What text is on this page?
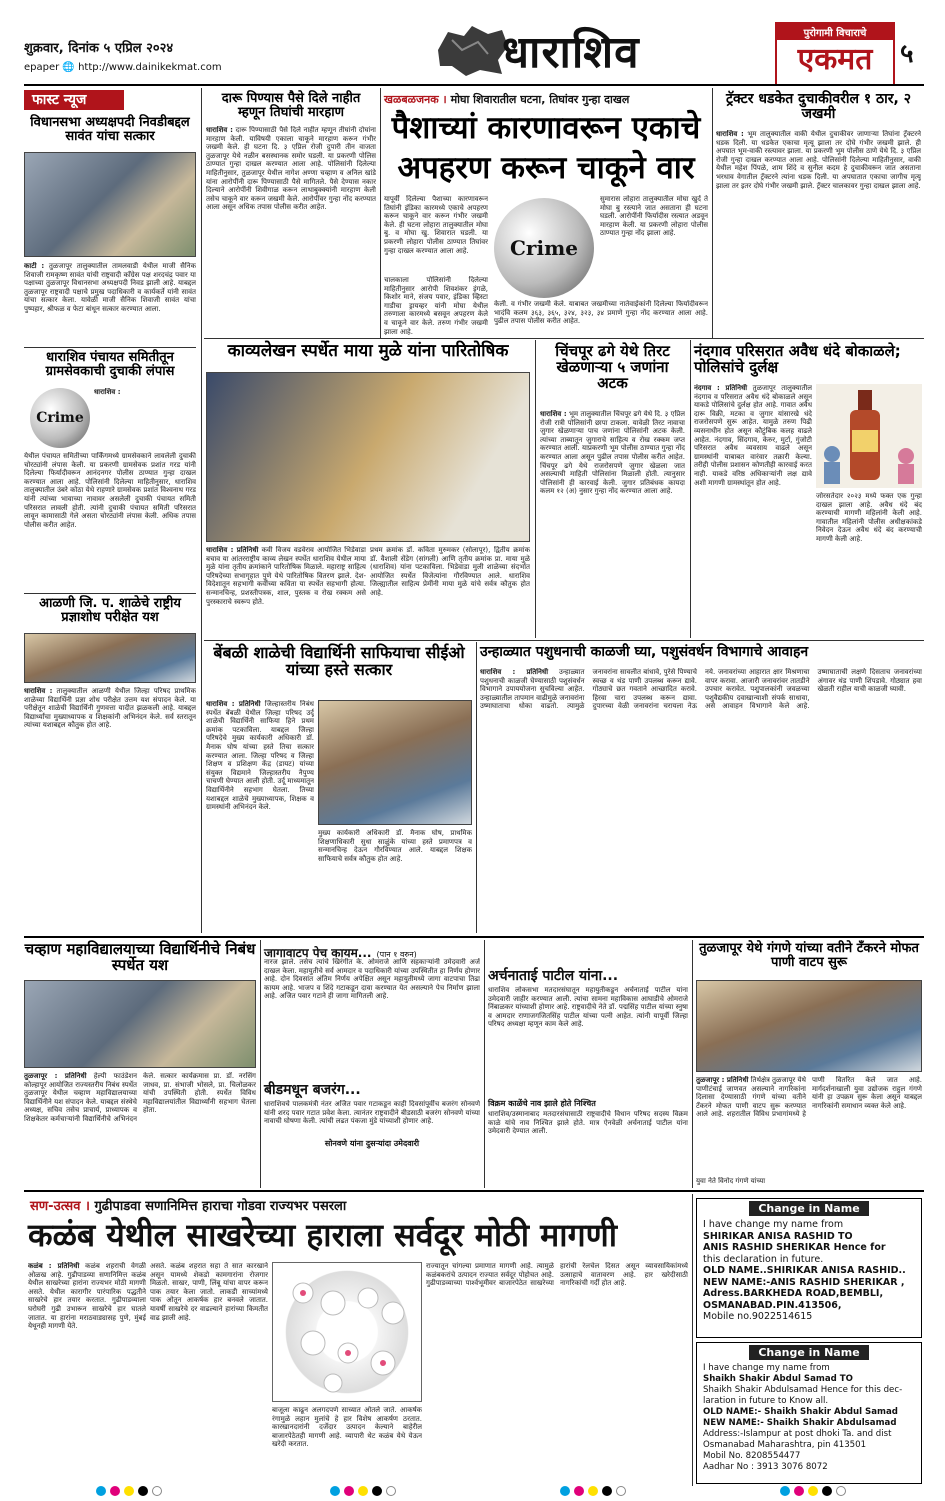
शुक्रवार, दिनांक ५ एप्रिल २०२४
epaper 🌐 http://www.dainikekmat.com	धाराशिव	पुरोगामी विचाराचे
एकमत	५
फास्ट न्यूज
विधानसभा अध्यक्षपदी निवडीबद्दल सावंत यांचा सत्कार
काटी : तुळजापूर तालुक्यातील तामलवाडी येथील माजी सैनिक शिवाजी रामकृष्ण सावंत यांची राष्ट्रवादी काँग्रेस पक्ष शरदचंद्र पवार या पक्षाच्या तुळजापूर विधानसभा अध्यक्षपदी निवड झाली आहे. याबद्दल तुळजापूर राष्ट्रवादी पक्षाचे प्रमुख पदाधिकारी व कार्यकर्ते यांनी सावंत यांचा सत्कार केला. यावेळी माजी सैनिक शिवाजी सावंत यांचा पुष्पहार, श्रीफळ व फेटा बांधून सत्कार करण्यात आला.
धाराशिव पंचायत समितीतून ग्रामसेवकाची दुचाकी लंपास
Crime
धाराशिव :
येथील पंचायत समितीच्या पार्किंगमध्ये ग्रामसेवकाने लावलेली दुचाकी चोरट्यांनी लंपास केली. या प्रकरणी ग्रामसेवक प्रशांत गरड यांनी दिलेल्या फिर्यादीवरून आनंदनगर पोलीस ठाण्यात गुन्हा दाखल करण्यात आला आहे. पोलिसांनी दिलेल्या माहितीनुसार, धाराशिव तालुक्यातील उंबरे कोठा येथे राहणारे ग्रामसेवक प्रशांत विश्वनाथ गरड यांनी त्यांच्या भावाच्या नावावर असलेली दुचाकी पंचायत समिती परिसरात लावली होती. त्यांनी दुचाकी पंचायत समिती परिसरात लावून कामासाठी गेले असता चोरट्यांनी लंपास केली. अधिक तपास पोलीस करीत आहेत.
आळणी जि. प. शाळेचे राष्ट्रीय प्रज्ञाशोध परीक्षेत यश
धाराशिव : तालुक्यातील आळणी येथील जिल्हा परिषद प्राथमिक शाळेच्या विद्यार्थिनी प्रज्ञा शोध परीक्षेत उत्तम यश संपादन केले. या परीक्षेतून शाळेची विद्यार्थिनी गुणवत्ता यादीत झळकली आहे. याबद्दल विद्यार्थ्यांचा मुख्याध्यापक व शिक्षकांनी अभिनंदन केले. सर्व स्तरातून त्यांच्या यशाबद्दल कौतुक होत आहे.
दारू पिण्यास पैसे दिले नाहीत म्हणून तिघांची मारहाण
धाराशिव : दारू पिण्यासाठी पैसे दिले नाहीत म्हणून तीघांनी दोघांना मारहाण केली. याविषयी एकाला चाकूने मारहाण करून गंभीर जखमी केले. ही घटना दि. ३ एप्रिल रोजी दुपारी तीन वाजता तुळजापूर येथे नळीन बसस्थानक समोर घडली. या प्रकरणी पोलिस ठाण्यात गुन्हा दाखल करण्यात आला आहे. पोलिसांनी दिलेल्या माहितीनुसार, तुळजापूर येथील नागेश अण्णा चव्हाण व अनिल खांडे यांना आरोपींनी दारू पिण्यासाठी पैसे मागितले. पैसे देण्यास नकार दिल्याने आरोपींनी शिवीगाळ करून लाथाबुक्क्यांनी मारहाण केली तसेच चाकूने वार करून जखमी केले. आरोपींवर गुन्हा नोंद करण्यात आला असून अधिक तपास पोलीस करीत आहेत.
खळबळजनक । मोघा शिवारातील घटना, तिघांवर गुन्हा दाखल
पैशाच्यां कारणावरून एकाचे अपहरण करून चाकूने वार
यापूर्वी दिलेल्या पैशाच्या कारणावरून तिघांनी इंडिका कारमध्ये एकाचे अपहरण करून चाकूने वार करून गंभीर जखमी केले. ही घटना लोहारा तालुक्यातील मोघा बु. व मोघा खु. शिवारात घडली. या प्रकरणी लोहारा पोलीस ठाण्यात तिघांवर गुन्हा दाखल करण्यात आला आहे.
चालकाला पोलिसांनी दिलेल्या माहितीनुसार आरोपी शिवशंकर इंगळे, किशोर माने, संजय पवार, इंडिका व्हिस्टा गाडीचा ड्रायव्हर यांनी मोघा येथील तरुणाला कारमध्ये बसवून अपहरण केले व चाकूने वार केले. तरुण गंभीर जखमी झाला आहे.
Crime
सुमारास लोहारा तालुक्यातील मोघा खुर्द ते मोघा बु रस्त्याने जात असताना ही घटना घडली. आरोपींनी फिर्यादीस रस्त्यात अडवून मारहाण केली. या प्रकरणी लोहारा पोलीस ठाण्यात गुन्हा नोंद झाला आहे.
केली. व गंभीर जखमी केले. याबाबत जखमीच्या नातेवाईकांनी दिलेल्या फिर्यादीवरून भादंवि कलम ३६३, ३६५, ३२४, ३२३, ३४ प्रमाणे गुन्हा नोंद करण्यात आला आहे. पुढील तपास पोलीस करीत आहेत.
ट्रॅक्टर धडकेत दुचाकीवरील १ ठार, २ जखमी
धाराशिव : भूम तालुक्यातील वाकी येथील दुचाकीवर जाणाऱ्या तिघांना ट्रॅक्टरने धडक दिली. या धडकेत एकाचा मृत्यू झाला तर दोघे गंभीर जखमी झाले. ही अपघात भूम-वाकी रस्त्यावर झाला. या प्रकरणी भूम पोलीस ठाणे येथे दि. ३ एप्रिल रोजी गुन्हा दाखल करण्यात आला आहे. पोलिसांनी दिलेल्या माहितीनुसार, वाकी येथील महेश पिंपळे, शाम शिंदे व सुनील कदम हे दुचाकीवरून जात असताना भरधाव वेगातील ट्रॅक्टरने त्यांना धडक दिली. या अपघातात एकाचा जागीच मृत्यू झाला तर इतर दोघे गंभीर जखमी झाले. ट्रॅक्टर चालकावर गुन्हा दाखल झाला आहे.
काव्यलेखन स्पर्धेत माया मुळे यांना पारितोषिक
धाराशिव : प्रतिनिधी कवी विजय वडवेराव आयोजित भिडेवाडा बचाव या आंतरराष्ट्रीय काव्य लेखन स्पर्धेत धाराशिव येथील माया मुळे यांना तृतीय क्रमांकाने पारितोषिक मिळाले. महाराष्ट्र साहित्य परिषदेच्या सभागृहात पुणे येथे पारितोषिक वितरण झाले. देश-विदेशातून सहभागी कवींच्या कविता या स्पर्धेत सहभागी होत्या. सन्मानचिन्ह, प्रशस्तीपत्रक, शाल, पुस्तक व रोख रक्कम असे पुरस्काराचे स्वरूप होते.
प्रथम क्रमांक डॉ. कविता मुरुमकर (सोलापूर), द्वितीय क्रमांक डॉ. वैशाली सेंडेग (सांगली) आणि तृतीय क्रमांक प्रा. माया मुळे (धाराशिव) यांना पटकाविला. भिडेवाडा मुली शाळेच्या संदर्भात आयोजित स्पर्धेत विजेत्यांना गौरविण्यात आले. धाराशिव जिल्ह्यातील साहित्य प्रेमींनी माया मुळे यांचे सर्वत्र कौतुक होत आहे.
चिंचपूर ढगे येथे तिरट खेळणाऱ्या ५ जणांना अटक
धाराशिव : भूम तालुक्यातील चिंचपूर ढगे येथे दि. ३ एप्रिल रोजी रात्री पोलिसांनी छापा टाकला. यावेळी तिरट नावाचा जुगार खेळणाऱ्या पाच जणांना पोलिसांनी अटक केली. त्यांच्या ताब्यातून जुगाराचे साहित्य व रोख रक्कम जप्त करण्यात आली. याप्रकरणी भूम पोलीस ठाण्यात गुन्हा नोंद करण्यात आला असून पुढील तपास पोलीस करीत आहेत. चिंचपूर ढगे येथे राजरोसपणे जुगार खेळला जात असल्याची माहिती पोलिसांना मिळाली होती. त्यानुसार पोलिसांनी ही कारवाई केली. जुगार प्रतिबंधक कायदा कलम १२ (अ) नुसार गुन्हा नोंद करण्यात आला आहे.
नंदगाव परिसरात अवैध धंदे बोकाळले; पोलिसांचे दुर्लक्ष
नंदगाव : प्रतिनिधी तुळजापूर तालुक्यातील नंदगाव व परिसरात अवैध धंदे बोकाळले असून याकडे पोलिसांचे दुर्लक्ष होत आहे. गावात अवैध दारू विक्री, मटका व जुगार यांसारखे धंदे राजरोसपणे सुरू आहेत. यामुळे तरुण पिढी व्यसनाधीन होत असून कौटुंबिक कलह वाढले आहेत. नंदगाव, सिंदगाव, केरुर, मुर्टा, गुंजोटी परिसरात अवैध व्यवसाय वाढले असून ग्रामस्थांनी याबाबत वारंवार तक्रारी केल्या. तरीही पोलीस प्रशासन कोणतीही कारवाई करत नाही. याकडे वरिष्ठ अधिकाऱ्यांनी लक्ष द्यावे अशी मागणी ग्रामस्थांतून होत आहे.
जोरसतेदार २०२३ मध्ये फक्त एक गुन्हा दाखल झाला आहे. अवैध धंदे बंद करण्याची मागणी महिलांनी केली आहे. गावातील महिलांनी पोलीस अधीक्षकांकडे निवेदन देऊन अवैध धंदे बंद करण्याची मागणी केली आहे.
बेंबळी शाळेची विद्यार्थिनी साफियाचा सीईओ यांच्या हस्ते सत्कार
धाराशिव : प्रतिनिधी जिल्हास्तरीय निबंध स्पर्धेत बेंबळी येथील जिल्हा परिषद उर्दू शाळेची विद्यार्थिनी साफिया हिने प्रथम क्रमांक पटकाविला. याबद्दल जिल्हा परिषदेचे मुख्य कार्यकारी अधिकारी डॉ. मैनाक घोष यांच्या हस्ते तिचा सत्कार करण्यात आला. जिल्हा परिषद व जिल्हा शिक्षण व प्रशिक्षण केंद्र (डायट) यांच्या संयुक्त विद्यमाने जिल्हास्तरीय नैपुण्य चाचणी घेण्यात आली होती. उर्दू माध्यमातून विद्यार्थिनीने सहभाग घेतला. तिच्या यशाबद्दल शाळेचे मुख्याध्यापक, शिक्षक व ग्रामस्थांनी अभिनंदन केले.
मुख्य कार्यकारी अधिकारी डॉ. मैनाक घोष, प्राथमिक शिक्षणाधिकारी सुधा साळुंके यांच्या हस्ते प्रमाणपत्र व सन्मानचिन्ह देऊन गौरविण्यात आले. याबद्दल शिक्षक साफियाचे सर्वत्र कौतुक होत आहे.
उन्हाळ्यात पशुधनाची काळजी घ्या, पशुसंवर्धन विभागाचे आवाहन
धाराशिव : प्रतिनिधी उन्हाळ्यात पशुधनाची काळजी घेण्यासाठी पशुसंवर्धन विभागाने उपाययोजना सुचविल्या आहेत. उन्हाळ्यातील तापमान वाढीमुळे जनावरांना उष्माघाताचा धोका वाढतो. त्यामुळे जनावरांना सावलीत बांधावे, पुरेसे पिण्याचे स्वच्छ व थंड पाणी उपलब्ध करून द्यावे. गोठ्याचे छत गवताने आच्छादित करावे. हिरवा चारा उपलब्ध करून द्यावा. दुपारच्या वेळी जनावरांना चरायला नेऊ नये. जनावरांच्या आहारात क्षार मिश्रणाचा वापर करावा. आजारी जनावरांवर तातडीने उपचार करावेत. पशुपालकांनी जवळच्या पशुवैद्यकीय दवाखान्याशी संपर्क साधावा, असे आवाहन विभागाने केले आहे. उष्माघाताची लक्षणे दिसताच जनावरांच्या अंगावर थंड पाणी शिंपडावे. गोठ्यात हवा खेळती राहील याची काळजी घ्यावी.
चव्हाण महाविद्यालयाच्या विद्यार्थिनीचे निबंध स्पर्धेत यश
तुळजापूर : प्रतिनिधी हेल्पी फाउंडेशन कोल्हापूर आयोजित राज्यस्तरीय निबंध स्पर्धेत तुळजापूर येथील चव्हाण महाविद्यालयाच्या विद्यार्थिनीने यश संपादन केले. याबद्दल संस्थेचे अध्यक्ष, सचिव तसेच प्राचार्य, प्राध्यापक व शिक्षकेतर कर्मचाऱ्यांनी विद्यार्थिनीचे अभिनंदन केले. सत्कार कार्यक्रमास प्रा. डॉ. नरसिंग जाधव, प्रा. संभाजी भोसले, प्रा. चिलोळकर यांची उपस्थिती होती. स्पर्धेत विविध महाविद्यालयांतील विद्यार्थ्यांनी सहभाग घेतला होता.
जागावाटप पेच कायम... (पान १ वरुन)
नारज झाले. तसेच त्यांचे खिरंगीत के. ओमराजे आणि सहकाऱ्यांनी उमेदवारी अर्ज दाखल केला. महायुतीचे सर्व आमदार व पदाधिकारी यांच्या उपस्थितीत हा निर्णय होणार आहे. दोन दिवसांत अंतिम निर्णय अपेक्षित असून महायुतीमध्ये जागा वाटपाचा तिढा कायम आहे. भाजप व शिंदे गटाकडून दावा करण्यात येत असल्याने पेच निर्माण झाला आहे. अजित पवार गटाने ही जागा मागितली आहे.
बीडमधून बजरंग...
धाराशिवचे पालकमंत्री नंतर अजित पवार गटाकडून काही दिवसांपूर्वीच बजरंग सोनवणे यांनी शरद पवार गटात प्रवेश केला. त्यानंतर राष्ट्रवादीने बीडसाठी बजरंग सोनवणे यांच्या नावाची घोषणा केली. त्यांची लढत पंकजा मुंडे यांच्याशी होणार आहे.
सोनवणे यांना दुसऱ्यांदा उमेदवारी
अर्चनाताई पाटील यांना...
धाराशिव लोकसभा मतदारसंघातून महायुतीकडून अर्चनाताई पाटील यांना उमेदवारी जाहीर करण्यात आली. त्यांचा सामना महाविकास आघाडीचे ओमराजे निंबाळकर यांच्याशी होणार आहे. राष्ट्रवादीचे नेते डॉ. पद्मसिंह पाटील यांच्या स्नुषा व आमदार राणाजगजितसिंह पाटील यांच्या पत्नी आहेत. त्यांनी यापूर्वी जिल्हा परिषद अध्यक्षा म्हणून काम केले आहे.
विक्रम काळेंचे नाव झाले होते निश्चित
धाराशिव/उस्मानाबाद मतदारसंघासाठी राष्ट्रवादीचे विधान परिषद सदस्य विक्रम काळे यांचे नाव निश्चित झाले होते. मात्र ऐनवेळी अर्चनाताई पाटील यांना उमेदवारी देण्यात आली.
तुळजापूर येथे गंगणे यांच्या वतीने टँकरने मोफत पाणी वाटप सुरू
तुळजापूर : प्रतिनिधी तिर्थक्षेत्र तुळजापूर येथे पाणीटंचाई जाणवत असल्याने नागरिकांना दिलासा देण्यासाठी गंगणे यांच्या वतीने टँकरने मोफत पाणी वाटप सुरू करण्यात आले आहे. शहरातील विविध प्रभागांमध्ये हे पाणी वितरित केले जात आहे. मार्गदर्शनाखाली युवा उद्योजक राहुल गंगणे यांनी हा उपक्रम सुरू केला असून याबद्दल नागरिकांनी समाधान व्यक्त केले आहे.
युवा नेते विनोद गंगणे यांच्या
सण-उत्सव । गुढीपाडवा सणानिमित्त हाराचा गोडवा राज्यभर पसरला
कळंब येथील साखरेच्या हाराला सर्वदूर मोठी मागणी
कळंब : प्रतिनिधी कळंब शहराची वेगळी ओळख आहे. गुढीपाडव्या सणानिमित्त कळंब येथील साखरेच्या हारांना राज्यभर मोठी मागणी असते. येथील कारागीर पारंपारिक पद्धतीने साखरेचे हार तयार करतात. गुढीपाडव्याला घरोघरी गुढी उभारून साखरेचे हार घातले जातात. या हारांना मराठवाड्यासह पुणे, मुंबई येथूनही मागणी येते.
असते. कळंब शहरात सहा ते सात कारखाने असून यामध्ये शेकडो कामगारांना रोजगार मिळतो. साखर, पाणी, लिंबू यांचा वापर करून पाक तयार केला जातो. लाकडी साच्यांमध्ये पाक ओतून आकर्षक हार बनवले जातात. यावर्षी साखरेचे दर वाढल्याने हारांच्या किमतीत वाढ झाली आहे.
बाजूला काढून अलगदपणे साच्यात ओतले जाते. आकर्षक रंगामुळे लहान मुलांचे हे हार विशेष आकर्षण ठरतात. कारखानदारांनी दर्जेदार उत्पादन केल्याने बाहेरील बाजारपेठेतही मागणी आहे. व्यापारी थेट कळंब येथे येऊन खरेदी करतात.
राज्यातून चांगल्या प्रमाणात मागणी आहे. त्यामुळे कळंबकरांचे उत्पादन राज्यात सर्वदूर पोहोचत आहे. गुढीपाडव्याच्या पार्श्वभूमीवर बाजारपेठेत साखरेच्या हारांची रेलचेल दिसत असून व्यावसायिकांमध्ये उत्साहाचे वातावरण आहे. हार खरेदीसाठी नागरिकांची गर्दी होत आहे.
Change in Name
I have change my name from
SHIRIKAR ANISA RASHID TO
ANIS RASHID SHERIKAR Hence for
this declaration in future.
OLD NAME..SHIRIKAR ANISA RASHID..
NEW NAME:-ANIS RASHID SHERIKAR ,
Adress.BARKHEDA ROAD,BEMBLI,
OSMANABAD.PIN.413506,
Mobile no.9022514615
Change in Name
I have change my name from
Shaikh Shakir Abdul Samad TO
Shaikh Shakir Abdulsamad Hence for this dec-
laration in future to Know all.
OLD NAME:- Shaikh Shakir Abdul Samad
NEW NAME:- Shaikh Shakir Abdulsamad
Address:-Islampur at post dhoki Ta. and dist
Osmanabad Maharashtra, pin 413501
Mobil No. 8208554477
Aadhar No : 3913 3076 8072
